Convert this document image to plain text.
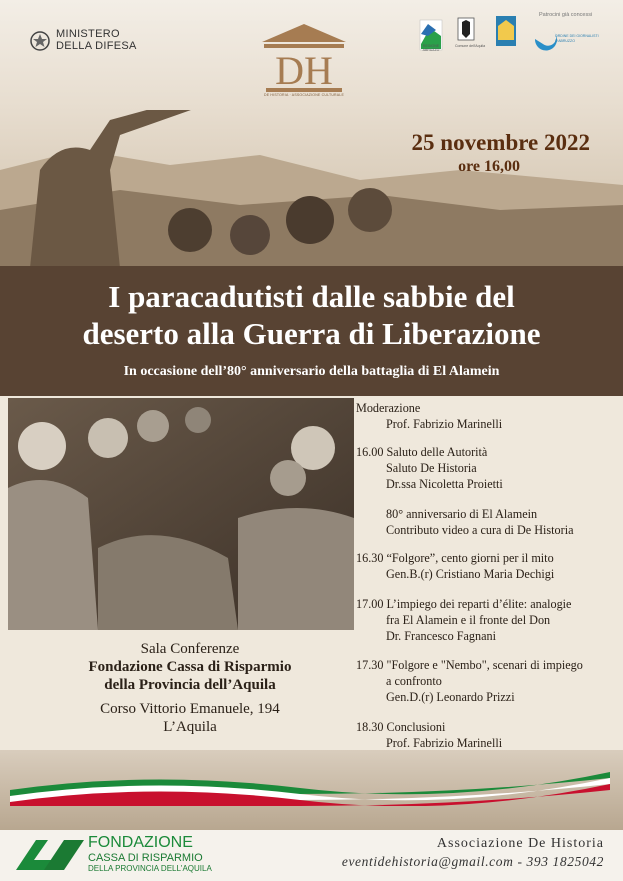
MINISTERO
DELLA DIFESA
DH
DE HISTORIA · ASSOCIAZIONE CULTURALE
REGIONE ABRUZZO
Comune dell'Aquila
Patrocini già concessi
ORDINE DEI GIORNALISTI D'ABRUZZO
25 novembre 2022
ore 16,00
I paracadutisti dalle sabbie del
deserto alla Guerra di Liberazione
In occasione dell’80° anniversario della battaglia di El Alamein
Sala Conferenze
Fondazione Cassa di Risparmio
della Provincia dell’Aquila
Corso Vittorio Emanuele, 194
L’Aquila
Moderazione
Prof. Fabrizio Marinelli
16.00 Saluto delle Autorità
Saluto De Historia
Dr.ssa Nicoletta Proietti
80° anniversario di El Alamein
Contributo video a cura di De Historia
16.30 “Folgore”, cento giorni per il mito
Gen.B.(r) Cristiano Maria Dechigi
17.00 L’impiego dei reparti d’élite: analogie
fra El Alamein e il fronte del Don
Dr. Francesco Fagnani
17.30 "Folgore e "Nembo", scenari di impiego
a confronto
Gen.D.(r) Leonardo Prizzi
18.30 Conclusioni
Prof. Fabrizio Marinelli
FONDAZIONE
CASSA DI RISPARMIO
DELLA PROVINCIA DELL'AQUILA
Associazione De Historia
eventidehistoria@gmail.com - 393 1825042
